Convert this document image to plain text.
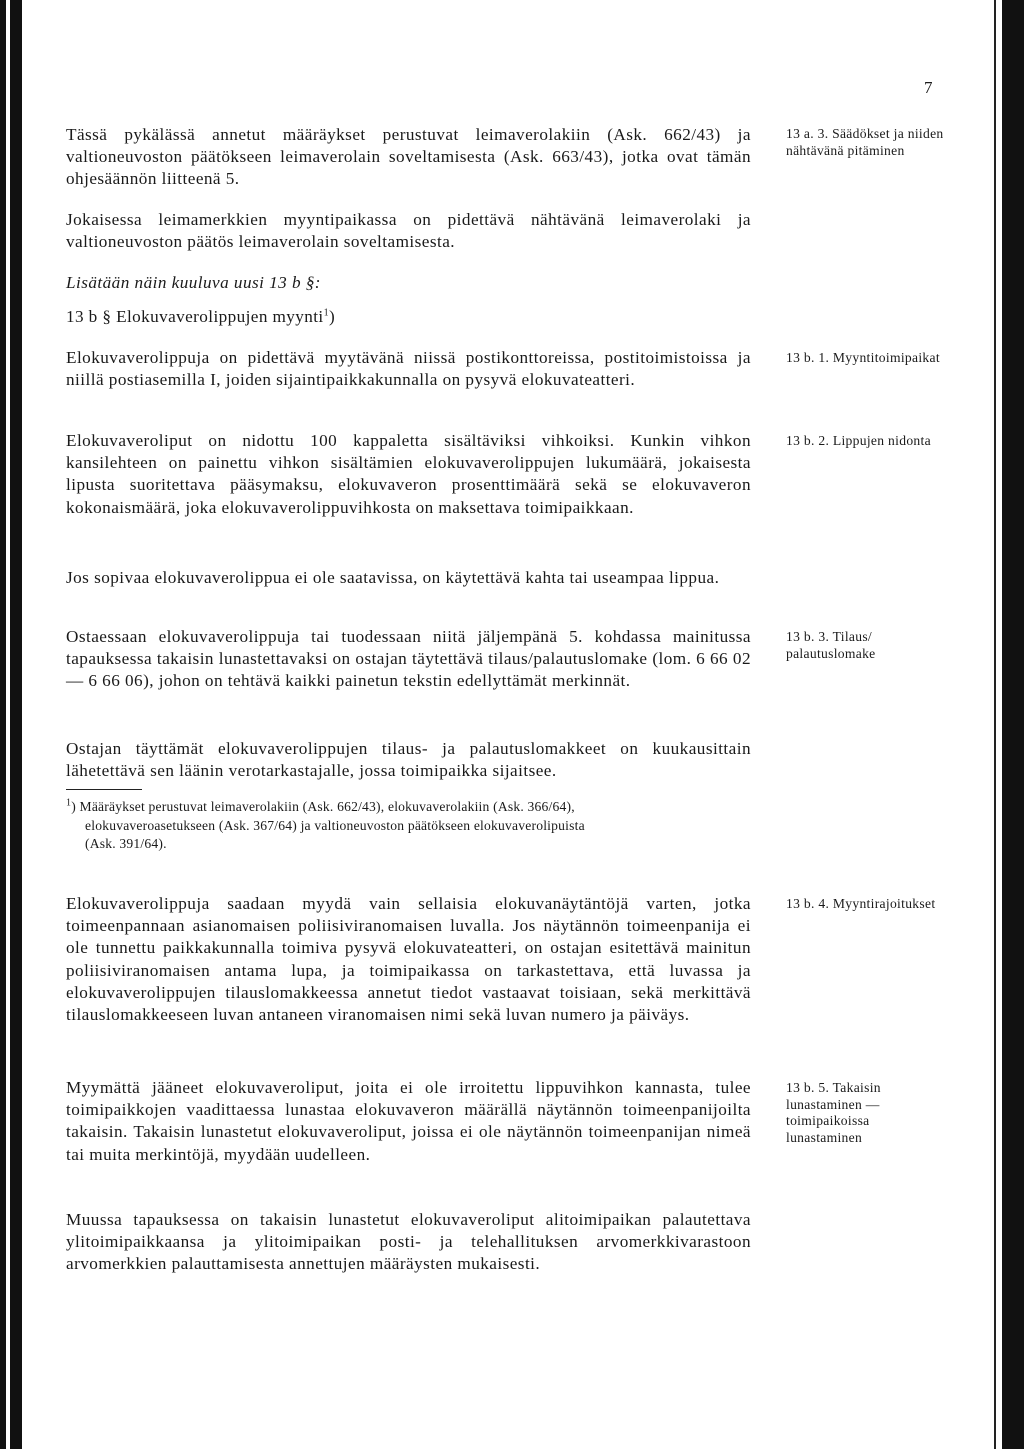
7
Tässä pykälässä annetut määräykset perustuvat leimaverolakiin (Ask. 662/43) ja valtioneuvoston päätökseen leimaverolain soveltamisesta (Ask. 663/43), jotka ovat tämän ohjesäännön liitteenä 5.
Jokaisessa leimamerkkien myyntipaikassa on pidettävä nähtävänä leimaverolaki ja valtioneuvoston päätös leimaverolain soveltamisesta.
Lisätään näin kuuluva uusi 13 b §:
13 b § Elokuvaverolippujen myynti$^1$)
Elokuvaverolippuja on pidettävä myytävänä niissä postikonttoreissa, postitoimistoissa ja niillä postiasemilla I, joiden sijaintipaikkakunnalla on pysyvä elokuvateatteri.
Elokuvaveroliput on nidottu 100 kappaletta sisältäviksi vihkoiksi. Kunkin vihkon kansilehteen on painettu vihkon sisältämien elokuvaverolippujen lukumäärä, jokaisesta lipusta suoritettava pääsymaksu, elokuvaveron prosenttimäärä sekä se elokuvaveron kokonaismäärä, joka elokuvaverolippuvihkosta on maksettava toimipaikkaan.
Jos sopivaa elokuvaverolippua ei ole saatavissa, on käytettävä kahta tai useampaa lippua.
Ostaessaan elokuvaverolippuja tai tuodessaan niitä jäljempänä 5. kohdassa mainitussa tapauksessa takaisin lunastettavaksi on ostajan täytettävä tilaus/palautuslomake (lom. 6 66 02 — 6 66 06), johon on tehtävä kaikki painetun tekstin edellyttämät merkinnät.
Ostajan täyttämät elokuvaverolippujen tilaus- ja palautuslomakkeet on kuukausittain lähetettävä sen läänin verotarkastajalle, jossa toimipaikka sijaitsee.
$^1$) Määräykset perustuvat leimaverolakiin (Ask. 662/43), elokuvaverolakiin (Ask. 366/64),
elokuvaveroasetukseen (Ask. 367/64) ja valtioneuvoston päätökseen elokuvaverolipuista
(Ask. 391/64).
Elokuvaverolippuja saadaan myydä vain sellaisia elokuvanäytäntöjä varten, jotka toimeenpannaan asianomaisen poliisiviranomaisen luvalla. Jos näytännön toimeenpanija ei ole tunnettu paikkakunnalla toimiva pysyvä elokuvateatteri, on ostajan esitettävä mainitun poliisiviranomaisen antama lupa, ja toimipaikassa on tarkastettava, että luvassa ja elokuvaverolippujen tilauslomakkeessa annetut tiedot vastaavat toisiaan, sekä merkittävä tilauslomakkeeseen luvan antaneen viranomaisen nimi sekä luvan numero ja päiväys.
Myymättä jääneet elokuvaveroliput, joita ei ole irroitettu lippuvihkon kannasta, tulee toimipaikkojen vaadittaessa lunastaa elokuvaveron määrällä näytännön toimeenpanijoilta takaisin. Takaisin lunastetut elokuvaveroliput, joissa ei ole näytännön toimeenpanijan nimeä tai muita merkintöjä, myydään uudelleen.
Muussa tapauksessa on takaisin lunastetut elokuvaveroliput alitoimipaikan palautettava ylitoimipaikkaansa ja ylitoimipaikan posti- ja telehallituksen arvomerkkivarastoon arvomerkkien palauttamisesta annettujen määräysten mukaisesti.
13 a. 3. Säädökset ja niiden nähtävänä pitäminen
13 b. 1. Myyntitoimipaikat
13 b. 2. Lippujen nidonta
13 b. 3. Tilaus/ palautuslomake
13 b. 4. Myyntirajoitukset
13 b. 5. Takaisin lunastaminen — toimipaikoissa lunastaminen
